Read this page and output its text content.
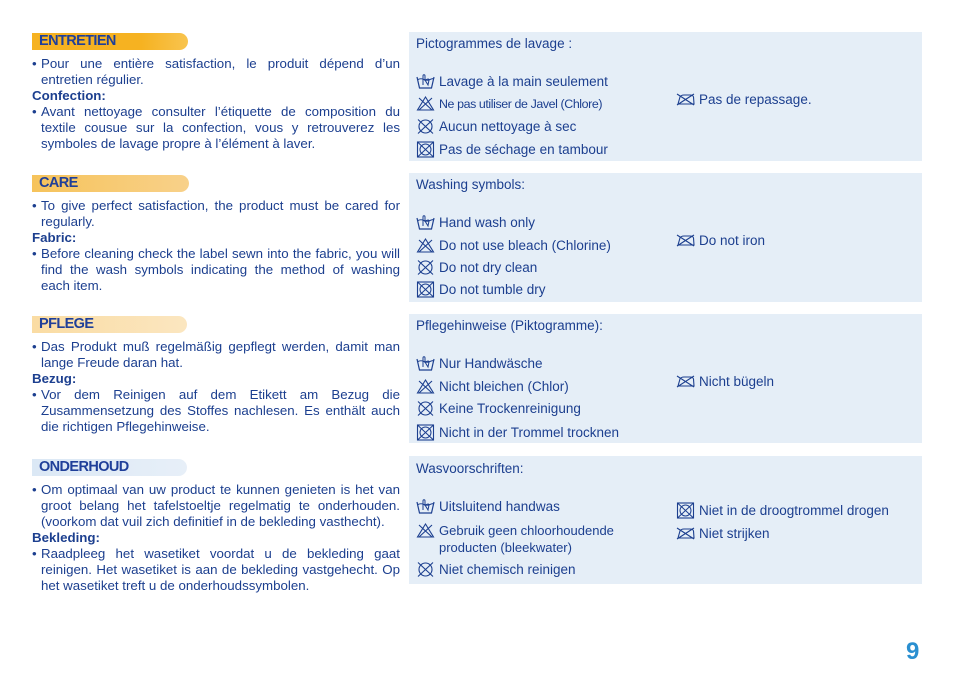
ENTRETIEN
• Pour une entière satisfaction, le produit dépend d’un entretien régulier.
Confection:
• Avant nettoyage consulter l’étiquette de composition du textile cousue sur la confection, vous y retrouverez les symboles de lavage propre à l’élément à laver.
Pictogrammes de lavage :
Lavage à la main seulement
Ne pas utiliser de Javel (Chlore)
Aucun nettoyage à sec
Pas de séchage en tambour
Pas de repassage.
CARE
• To give perfect satisfaction, the product must be cared for regularly.
Fabric:
• Before cleaning check the label sewn into the fabric, you will find the wash symbols indicating the method of washing each item.
Washing symbols:
Hand wash only
Do not use bleach (Chlorine)
Do not dry clean
Do not tumble dry
Do not iron
PFLEGE
• Das Produkt muß regelmäßig gepflegt werden, damit man lange Freude daran hat.
Bezug:
• Vor dem Reinigen auf dem Etikett am Bezug die Zusammensetzung des Stoffes nachlesen. Es enthält auch die richtigen Pflegehinweise.
Pflegehinweise (Piktogramme):
Nur Handwäsche
Nicht bleichen (Chlor)
Keine Trockenreinigung
Nicht in der Trommel trocknen
Nicht bügeln
ONDERHOUD
• Om optimaal van uw product te kunnen genieten is het van groot belang het tafelstoeltje regelmatig te onderhouden. (voorkom dat vuil zich definitief in de bekleding vasthecht).
Bekleding:
• Raadpleeg het wasetiket voordat u de bekleding gaat reinigen. Het wasetiket is aan de bekleding vastgehecht. Op het wasetiket treft u de onderhoudssymbolen.
Wasvoorschriften:
Uitsluitend handwas
Gebruik geen chloorhoudende producten (bleekwater)
Niet chemisch reinigen
Niet in de droogtrommel drogen
Niet strijken
9
